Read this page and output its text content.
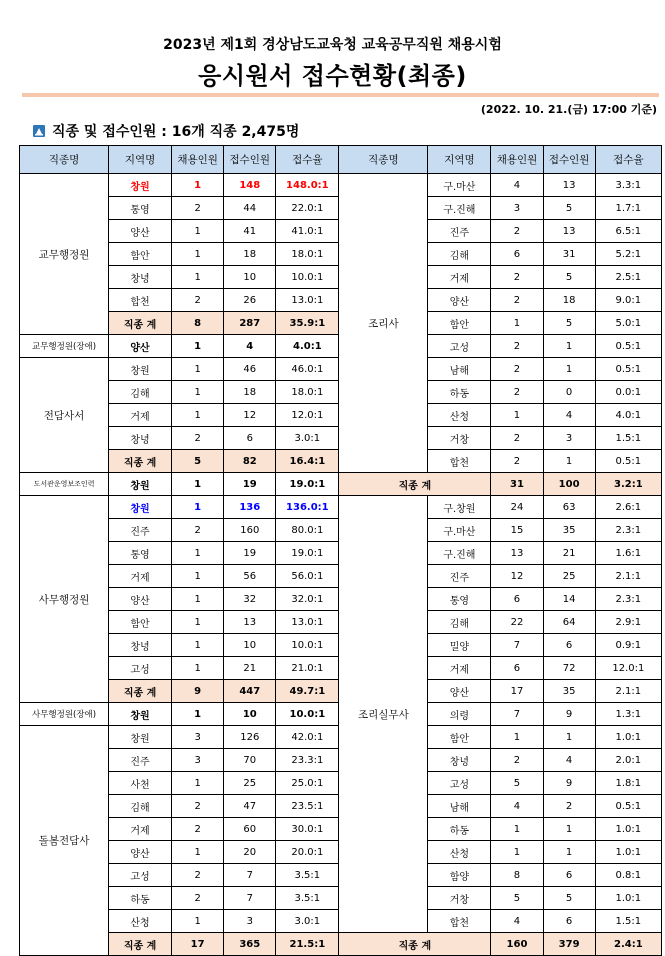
2023년 제1회 경상남도교육청 교육공무직원 채용시험
응시원서 접수현황(최종)
(2022. 10. 21.(금) 17:00 기준)
직종 및 접수인원 : 16개 직종 2,475명
직종명	지역명	채용인원	접수인원	접수율	직종명	지역명	채용인원	접수인원	접수율
교무행정원	창원	1	148	148.0:1	조리사	구.마산	4	13	3.3:1
	통영	2	44	22.0:1		구.진해	3	5	1.7:1
	양산	1	41	41.0:1		진주	2	13	6.5:1
	함안	1	18	18.0:1		김해	6	31	5.2:1
	창녕	1	10	10.0:1		거제	2	5	2.5:1
	합천	2	26	13.0:1		양산	2	18	9.0:1
	직종 계	8	287	35.9:1		함안	1	5	5.0:1
교무행정원(장애)	양산	1	4	4.0:1		고성	2	1	0.5:1
전담사서	창원	1	46	46.0:1		남해	2	1	0.5:1
	김해	1	18	18.0:1		하동	2	0	0.0:1
	거제	1	12	12.0:1		산청	1	4	4.0:1
	창녕	2	6	3.0:1		거창	2	3	1.5:1
	직종 계	5	82	16.4:1		합천	2	1	0.5:1
도서관운영보조인력	창원	1	19	19.0:1	직종 계		31	100	3.2:1
사무행정원	창원	1	136	136.0:1	조리실무사	구.창원	24	63	2.6:1
	진주	2	160	80.0:1		구.마산	15	35	2.3:1
	통영	1	19	19.0:1		구.진해	13	21	1.6:1
	거제	1	56	56.0:1		진주	12	25	2.1:1
	양산	1	32	32.0:1		통영	6	14	2.3:1
	함안	1	13	13.0:1		김해	22	64	2.9:1
	창녕	1	10	10.0:1		밀양	7	6	0.9:1
	고성	1	21	21.0:1		거제	6	72	12.0:1
	직종 계	9	447	49.7:1		양산	17	35	2.1:1
사무행정원(장애)	창원	1	10	10.0:1		의령	7	9	1.3:1
돌봄전담사	창원	3	126	42.0:1		함안	1	1	1.0:1
	진주	3	70	23.3:1		창녕	2	4	2.0:1
	사천	1	25	25.0:1		고성	5	9	1.8:1
	김해	2	47	23.5:1		남해	4	2	0.5:1
	거제	2	60	30.0:1		하동	1	1	1.0:1
	양산	1	20	20.0:1		산청	1	1	1.0:1
	고성	2	7	3.5:1		함양	8	6	0.8:1
	하동	2	7	3.5:1		거창	5	5	1.0:1
	산청	1	3	3.0:1		합천	4	6	1.5:1
	직종 계	17	365	21.5:1	직종 계		160	379	2.4:1
